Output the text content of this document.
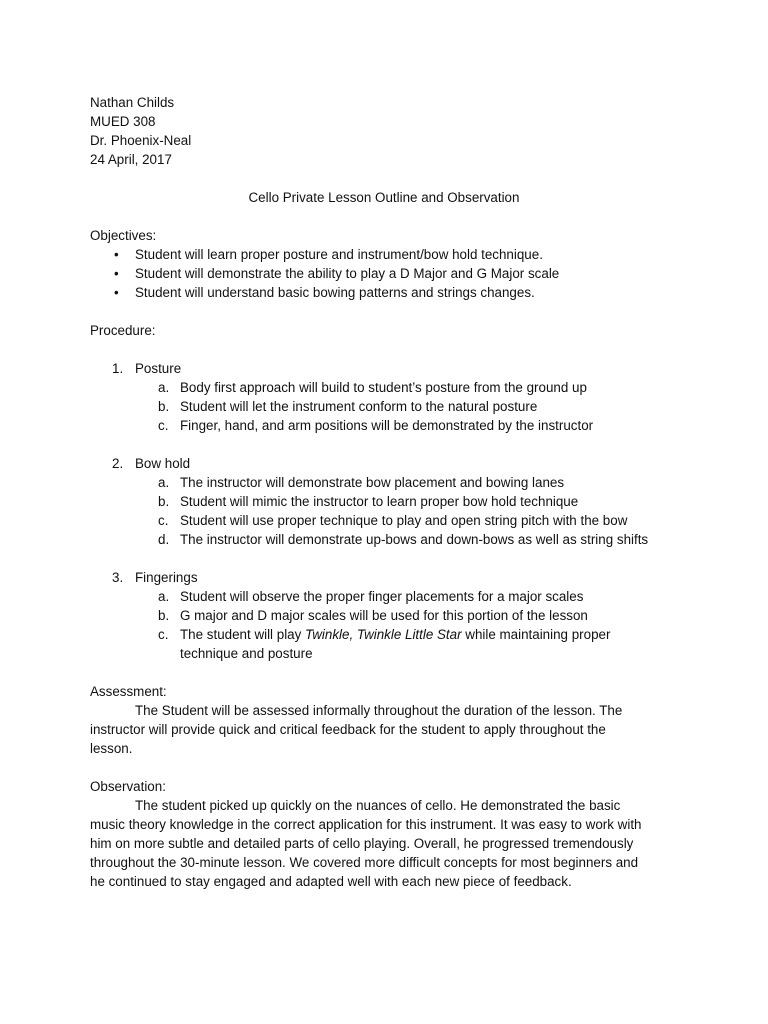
Nathan Childs
MUED 308
Dr. Phoenix-Neal
24 April, 2017
Cello Private Lesson Outline and Observation
Objectives:
•	Student will learn proper posture and instrument/bow hold technique.
•	Student will demonstrate the ability to play a D Major and G Major scale
•	Student will understand basic bowing patterns and strings changes.
Procedure:
1. Posture
a. Body first approach will build to student’s posture from the ground up
b. Student will let the instrument conform to the natural posture
c. Finger, hand, and arm positions will be demonstrated by the instructor
2. Bow hold
a. The instructor will demonstrate bow placement and bowing lanes
b. Student will mimic the instructor to learn proper bow hold technique
c. Student will use proper technique to play and open string pitch with the bow
d. The instructor will demonstrate up-bows and down-bows as well as string shifts
3. Fingerings
a. Student will observe the proper finger placements for a major scales
b. G major and D major scales will be used for this portion of the lesson
c. The student will play Twinkle, Twinkle Little Star while maintaining proper technique and posture
Assessment:
The Student will be assessed informally throughout the duration of the lesson. The instructor will provide quick and critical feedback for the student to apply throughout the lesson.
Observation:
The student picked up quickly on the nuances of cello. He demonstrated the basic music theory knowledge in the correct application for this instrument. It was easy to work with him on more subtle and detailed parts of cello playing. Overall, he progressed tremendously throughout the 30-minute lesson. We covered more difficult concepts for most beginners and he continued to stay engaged and adapted well with each new piece of feedback.
